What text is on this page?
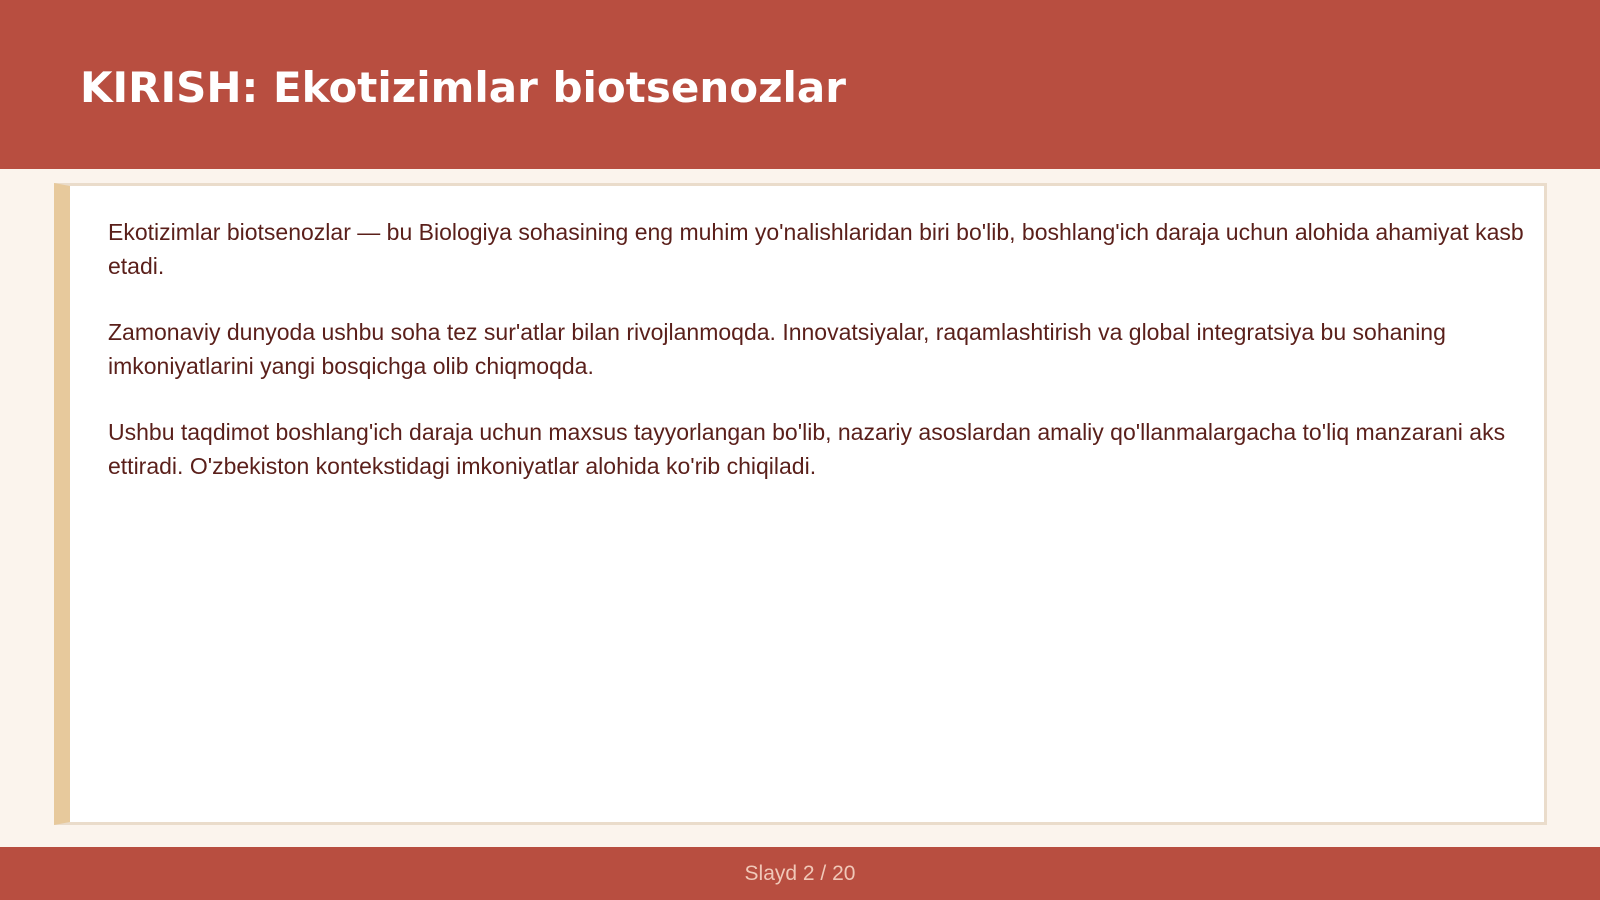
KIRISH: Ekotizimlar biotsenozlar

Ekotizimlar biotsenozlar — bu Biologiya sohasining eng muhim yo'nalishlaridan biri bo'lib, boshlang'ich daraja uchun alohida ahamiyat kasb etadi.

Zamonaviy dunyoda ushbu soha tez sur'atlar bilan rivojlanmoqda. Innovatsiyalar, raqamlashtirish va global integratsiya bu sohaning imkoniyatlarini yangi bosqichga olib chiqmoqda.

Ushbu taqdimot boshlang'ich daraja uchun maxsus tayyorlangan bo'lib, nazariy asoslardan amaliy qo'llanmalargacha to'liq manzarani aks ettiradi. O'zbekiston kontekstidagi imkoniyatlar alohida ko'rib chiqiladi.

Slayd 2 / 20
